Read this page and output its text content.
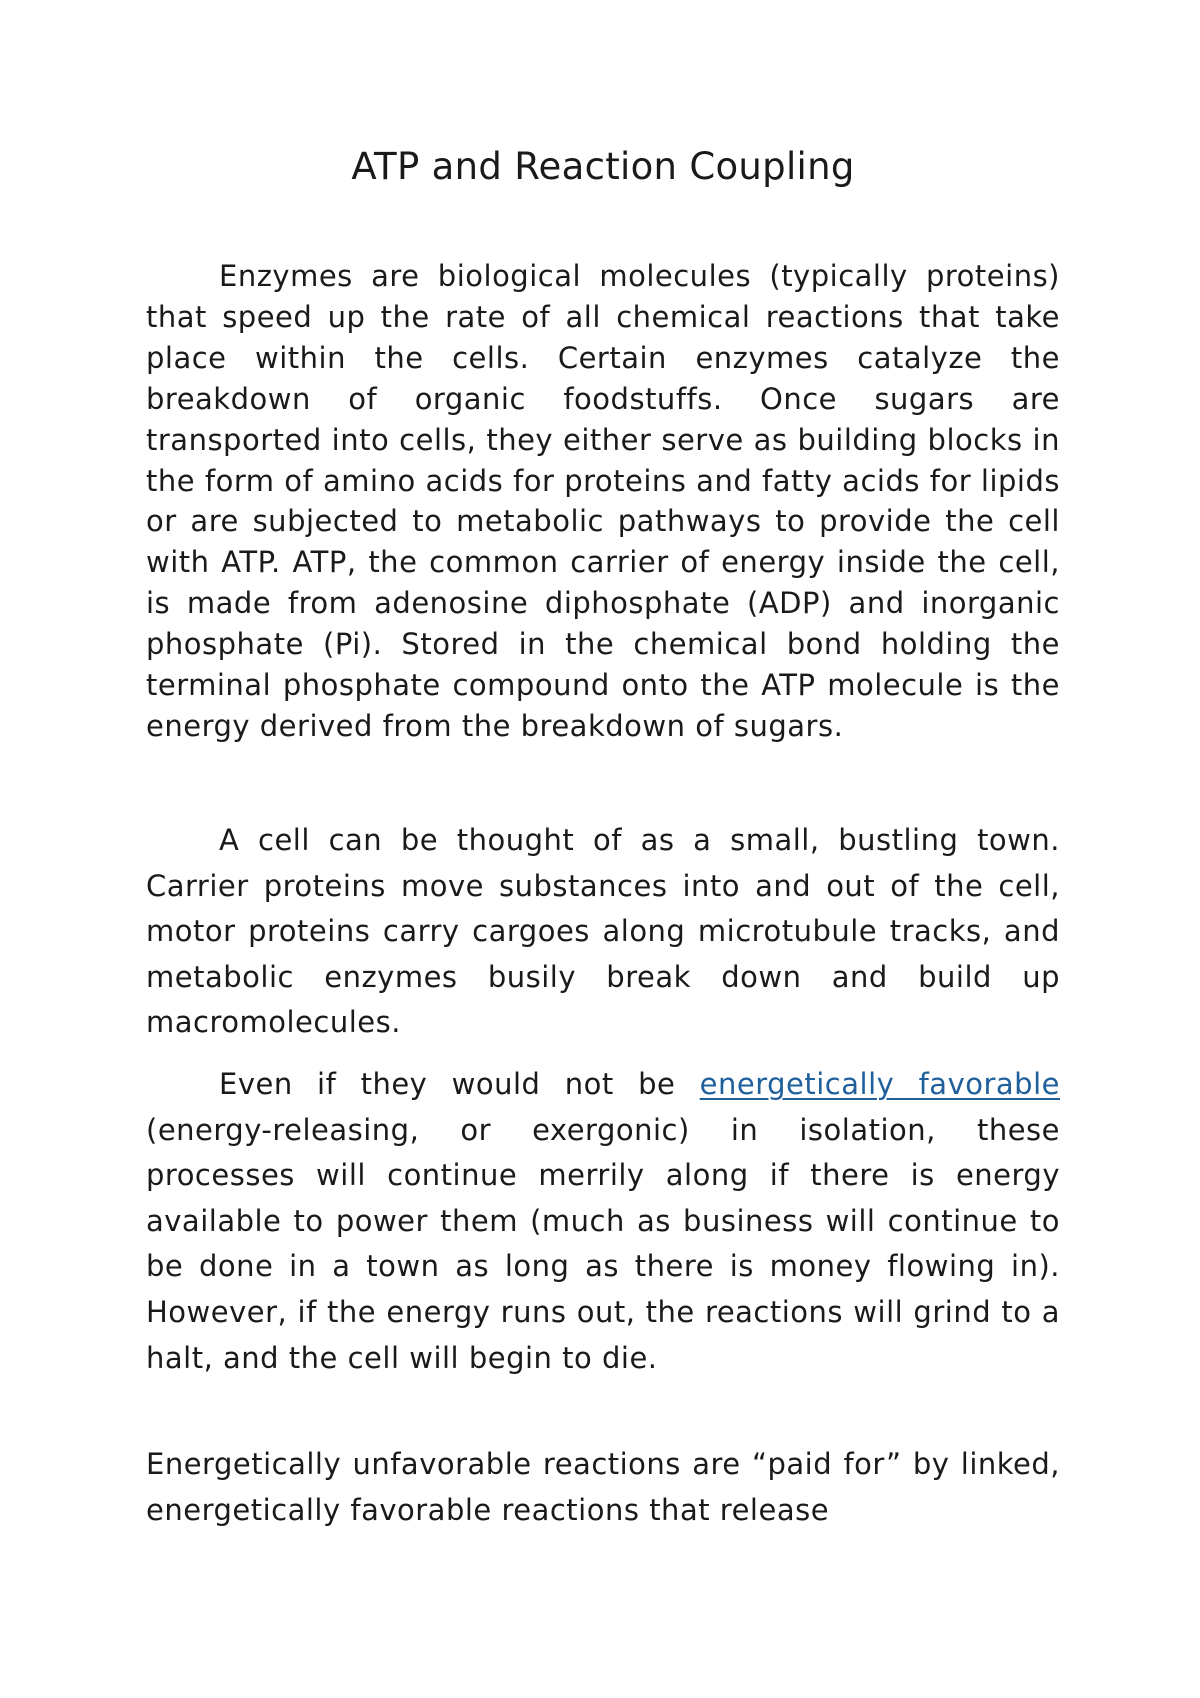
ATP and Reaction Coupling

Enzymes are biological molecules (typically proteins) that speed up the rate of all chemical reactions that take place within the cells. Certain enzymes catalyze the breakdown of organic foodstuffs. Once sugars are transported into cells, they either serve as building blocks in the form of amino acids for proteins and fatty acids for lipids or are subjected to metabolic pathways to provide the cell with ATP. ATP, the common carrier of energy inside the cell, is made from adenosine diphosphate (ADP) and inorganic phosphate (Pi). Stored in the chemical bond holding the terminal phosphate compound onto the ATP molecule is the energy derived from the breakdown of sugars.

A cell can be thought of as a small, bustling town. Carrier proteins move substances into and out of the cell, motor proteins carry cargoes along microtubule tracks, and metabolic enzymes busily break down and build up macromolecules.

Even if they would not be energetically favorable (energy-releasing, or exergonic) in isolation, these processes will continue merrily along if there is energy available to power them (much as business will continue to be done in a town as long as there is money flowing in). However, if the energy runs out, the reactions will grind to a halt, and the cell will begin to die.

Energetically unfavorable reactions are “paid for” by linked, energetically favorable reactions that release
